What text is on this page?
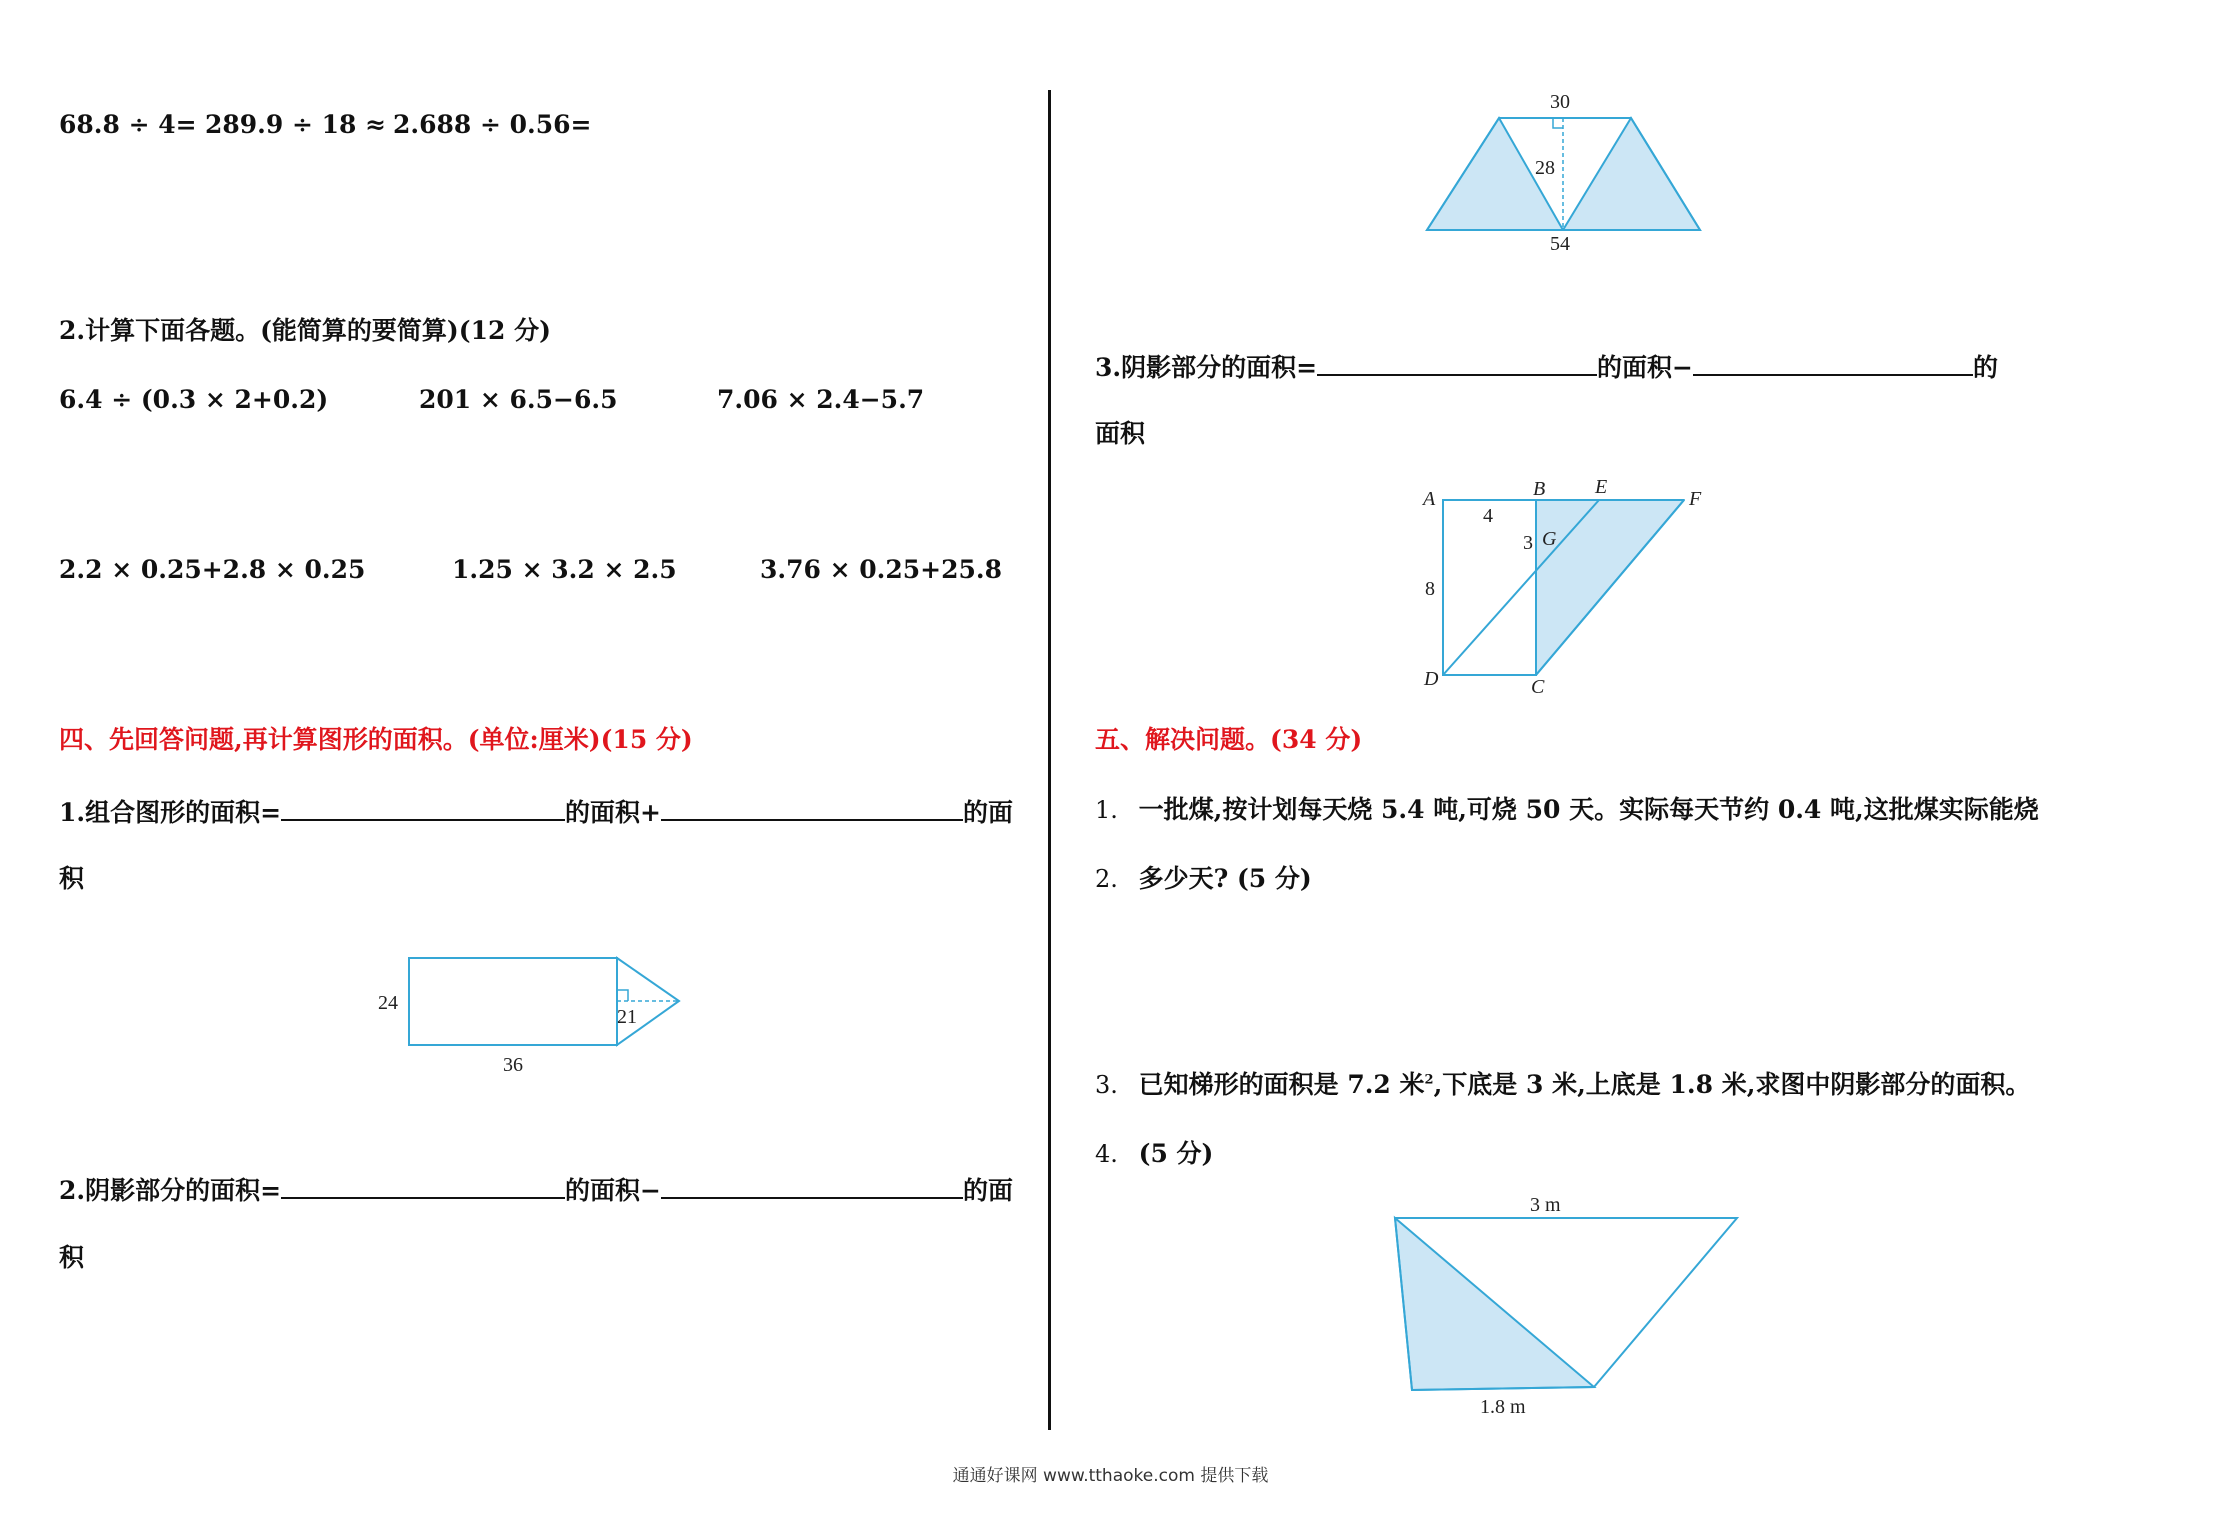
68.8 ÷ 4= 289.9 ÷ 18 ≈ 2.688 ÷ 0.56=
2.计算下面各题。(能简算的要简算)(12 分)
6.4 ÷ (0.3 × 2+0.2)	201 × 6.5−6.5	7.06 × 2.4−5.7
2.2 × 0.25+2.8 × 0.25	1.25 × 3.2 × 2.5	3.76 × 0.25+25.8
四、先回答问题,再计算图形的面积。(单位:厘米)(15 分)
1.组合图形的面积=	的面积+	的面
积
24
21
36
2.阴影部分的面积=	的面积−	的面
积
30
28
54
3.阴影部分的面积=	的面积−	的
面积
A	B E
F
G
D	C
4
3
8
五、解决问题。(34 分)
1. 一批煤,按计划每天烧 5.4 吨,可烧 50 天。实际每天节约 0.4 吨,这批煤实际能烧
2. 多少天? (5 分)
3. 已知梯形的面积是 7.2 米$^2$,下底是 3 米,上底是 1.8 米,求图中阴影部分的面积。
4. (5 分)
3 m
1.8 m
通通好课网 www.tthaoke.com 提供下载
